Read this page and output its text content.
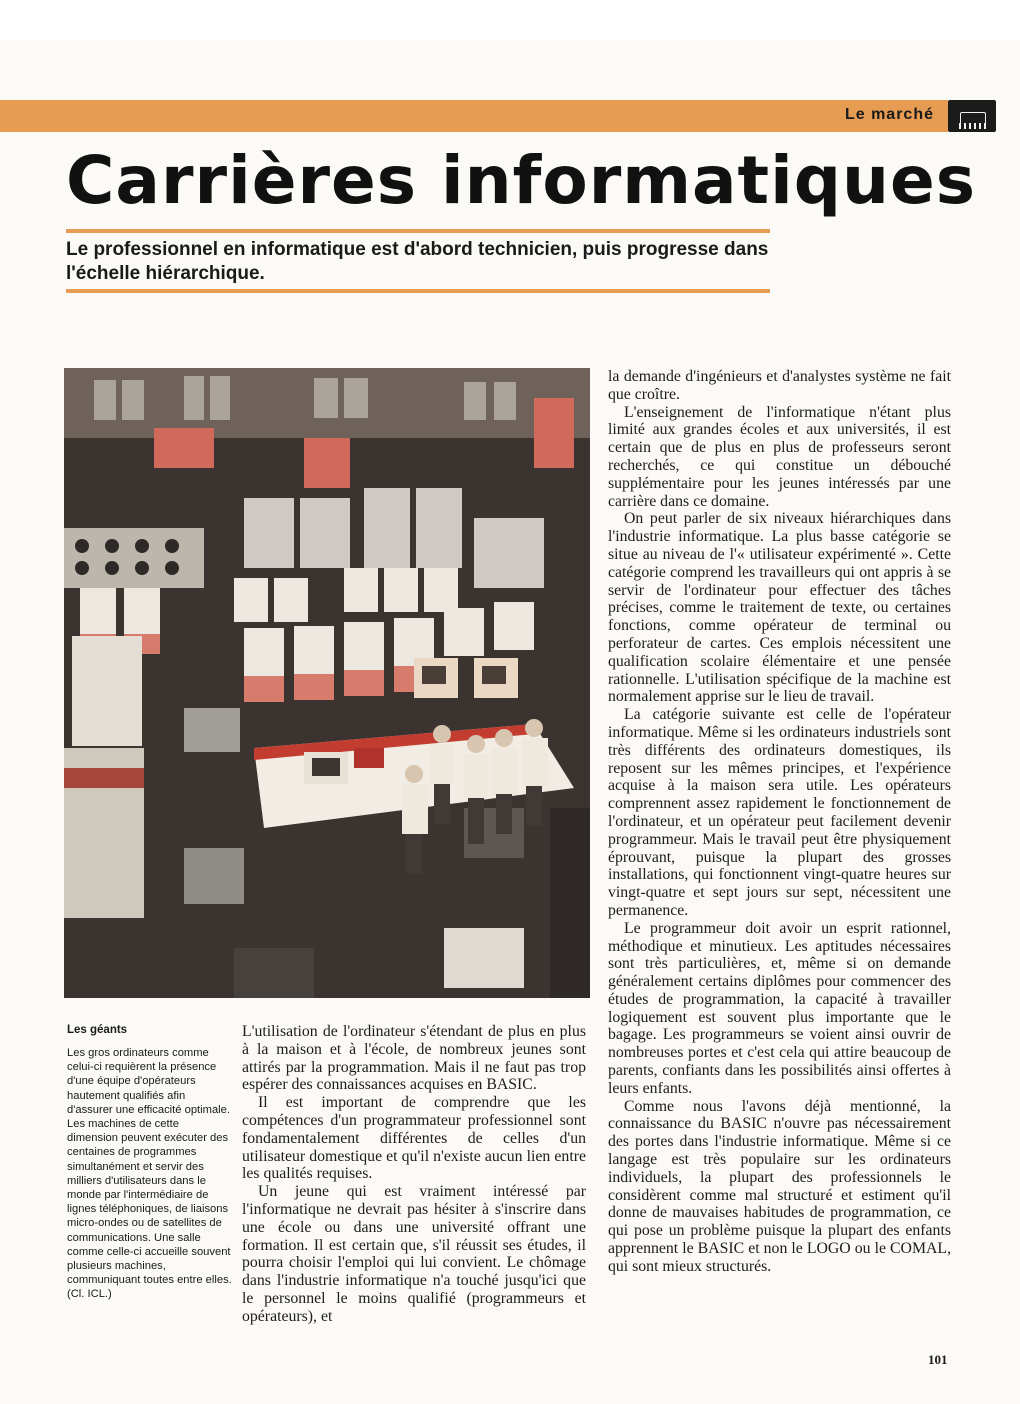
Le marché
Carrières informatiques

Le professionnel en informatique est d'abord technicien, puis progresse dans l'échelle hiérarchique.

Les géants

Les gros ordinateurs comme celui-ci requièrent la présence d'une équipe d'opérateurs hautement qualifiés afin d'assurer une efficacité optimale. Les machines de cette dimension peuvent exécuter des centaines de programmes simultanément et servir des milliers d'utilisateurs dans le monde par l'intermédiaire de lignes téléphoniques, de liaisons micro-ondes ou de satellites de communications. Une salle comme celle-ci accueille souvent plusieurs machines, communiquant toutes entre elles. (Cl. ICL.)

L'utilisation de l'ordinateur s'étendant de plus en plus à la maison et à l'école, de nombreux jeunes sont attirés par la programmation. Mais il ne faut pas trop espérer des connaissances acquises en BASIC.

Il est important de comprendre que les compétences d'un programmateur professionnel sont fondamentalement différentes de celles d'un utilisateur domestique et qu'il n'existe aucun lien entre les qualités requises.

Un jeune qui est vraiment intéressé par l'informatique ne devrait pas hésiter à s'inscrire dans une école ou dans une université offrant une formation. Il est certain que, s'il réussit ses études, il pourra choisir l'emploi qui lui convient. Le chômage dans l'industrie informatique n'a touché jusqu'ici que le personnel le moins qualifié (programmeurs et opérateurs), et

la demande d'ingénieurs et d'analystes système ne fait que croître.

L'enseignement de l'informatique n'étant plus limité aux grandes écoles et aux universités, il est certain que de plus en plus de professeurs seront recherchés, ce qui constitue un débouché supplémentaire pour les jeunes intéressés par une carrière dans ce domaine.

On peut parler de six niveaux hiérarchiques dans l'industrie informatique. La plus basse catégorie se situe au niveau de l'« utilisateur expérimenté ». Cette catégorie comprend les travailleurs qui ont appris à se servir de l'ordinateur pour effectuer des tâches précises, comme le traitement de texte, ou certaines fonctions, comme opérateur de terminal ou perforateur de cartes. Ces emplois nécessitent une qualification scolaire élémentaire et une pensée rationnelle. L'utilisation spécifique de la machine est normalement apprise sur le lieu de travail.

La catégorie suivante est celle de l'opérateur informatique. Même si les ordinateurs industriels sont très différents des ordinateurs domestiques, ils reposent sur les mêmes principes, et l'expérience acquise à la maison sera utile. Les opérateurs comprennent assez rapidement le fonctionnement de l'ordinateur, et un opérateur peut facilement devenir programmeur. Mais le travail peut être physiquement éprouvant, puisque la plupart des grosses installations, qui fonctionnent vingt-quatre heures sur vingt-quatre et sept jours sur sept, nécessitent une permanence.

Le programmeur doit avoir un esprit rationnel, méthodique et minutieux. Les aptitudes nécessaires sont très particulières, et, même si on demande généralement certains diplômes pour commencer des études de programmation, la capacité à travailler logiquement est souvent plus importante que le bagage. Les programmeurs se voient ainsi ouvrir de nombreuses portes et c'est cela qui attire beaucoup de parents, confiants dans les possibilités ainsi offertes à leurs enfants.

Comme nous l'avons déjà mentionné, la connaissance du BASIC n'ouvre pas nécessairement des portes dans l'industrie informatique. Même si ce langage est très populaire sur les ordinateurs individuels, la plupart des professionnels le considèrent comme mal structuré et estiment qu'il donne de mauvaises habitudes de programmation, ce qui pose un problème puisque la plupart des enfants apprennent le BASIC et non le LOGO ou le COMAL, qui sont mieux structurés.

101
